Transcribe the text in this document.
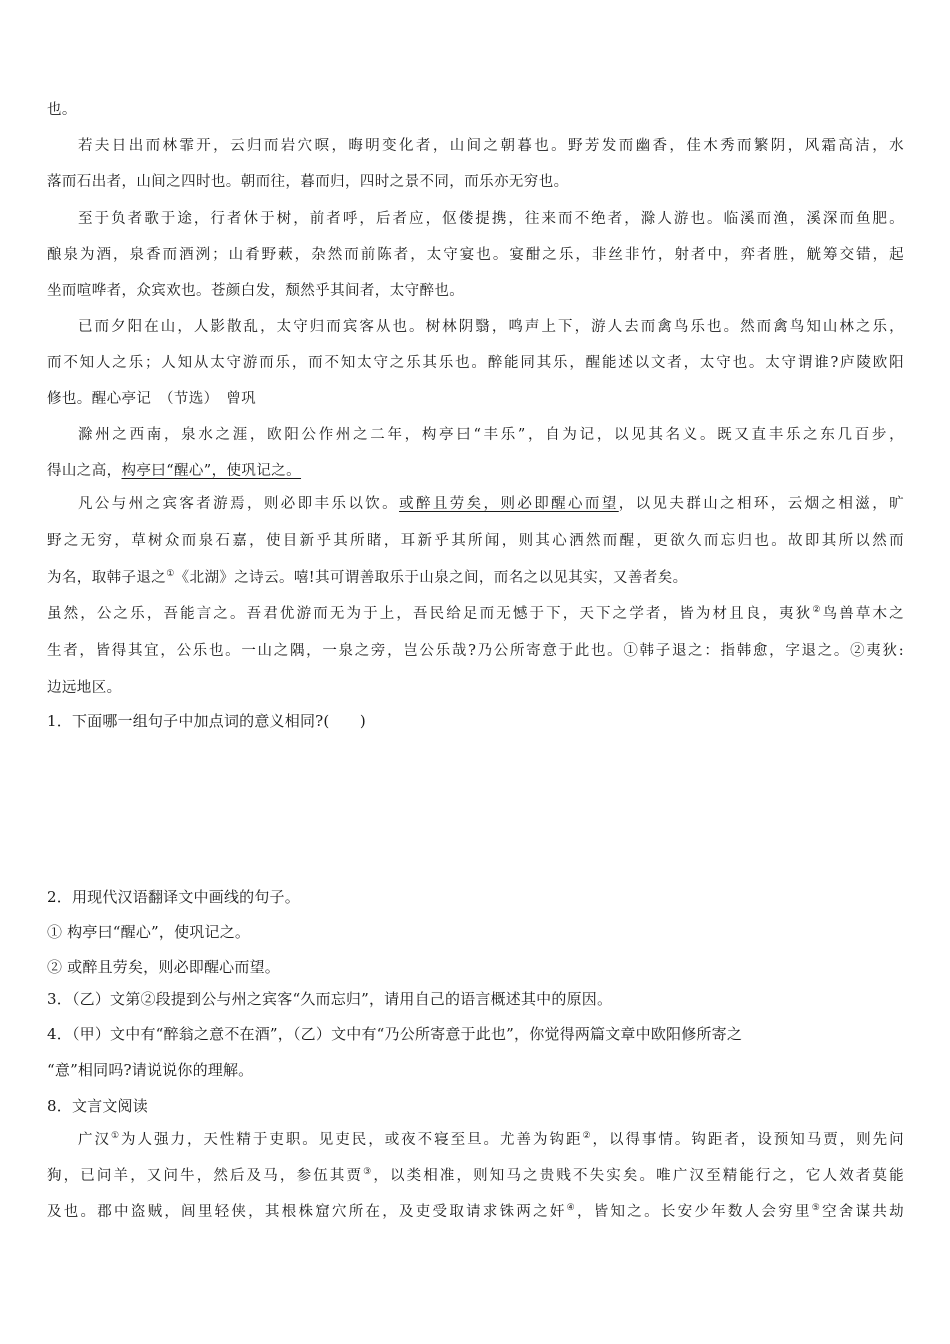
也。
若夫日出而林霏开，云归而岩穴暝，晦明变化者，山间之朝暮也。野芳发而幽香，佳木秀而繁阴，风霜高洁，水
落而石出者，山间之四时也。朝而往，暮而归，四时之景不同，而乐亦无穷也。
至于负者歌于途，行者休于树，前者呼，后者应，伛偻提携，往来而不绝者，滁人游也。临溪而渔，溪深而鱼肥。
酿泉为酒，泉香而酒洌；山肴野蔌，杂然而前陈者，太守宴也。宴酣之乐，非丝非竹，射者中，弈者胜，觥筹交错，起
坐而喧哗者，众宾欢也。苍颜白发，颓然乎其间者，太守醉也。
已而夕阳在山，人影散乱，太守归而宾客从也。树林阴翳，鸣声上下，游人去而禽鸟乐也。然而禽鸟知山林之乐，
而不知人之乐；人知从太守游而乐，而不知太守之乐其乐也。醉能同其乐，醒能述以文者，太守也。太守谓谁?庐陵欧阳
修也。醒心亭记　（节选）　曾巩
滁州之西南，泉水之涯，欧阳公作州之二年，构亭曰“丰乐”，自为记，以见其名义。既又直丰乐之东几百步，
得山之高，构亭曰“醒心”，使巩记之。
凡公与州之宾客者游焉，则必即丰乐以饮。或醉且劳矣，则必即醒心而望，以见夫群山之相环，云烟之相滋，旷
野之无穷，草树众而泉石嘉，使目新乎其所睹，耳新乎其所闻，则其心洒然而醒，更欲久而忘归也。故即其所以然而
为名，取韩子退之①《北湖》之诗云。嘻!其可谓善取乐于山泉之间，而名之以见其实，又善者矣。
虽然，公之乐，吾能言之。吾君优游而无为于上，吾民给足而无憾于下，天下之学者，皆为材且良，夷狄②鸟兽草木之
生者，皆得其宜，公乐也。一山之隅，一泉之旁，岂公乐哉?乃公所寄意于此也。①韩子退之：指韩愈，字退之。②夷狄:
边远地区。
1．下面哪一组句子中加点词的意义相同?(　　)
2．用现代汉语翻译文中画线的句子。
① 构亭曰“醒心”，使巩记之。
② 或醉且劳矣，则必即醒心而望。
3．（乙）文第②段提到公与州之宾客“久而忘归”，请用自己的语言概述其中的原因。
4．（甲）文中有“醉翁之意不在酒”，（乙）文中有“乃公所寄意于此也”，你觉得两篇文章中欧阳修所寄之
“意”相同吗?请说说你的理解。
8．文言文阅读
广汉①为人强力，天性精于吏职。见吏民，或夜不寝至旦。尤善为钩距②，以得事情。钩距者，设预知马贾，则先问
狗，已问羊，又问牛，然后及马，参伍其贾③，以类相准，则知马之贵贱不失实矣。唯广汉至精能行之，它人效者莫能
及也。郡中盗贼，闾里轻侠，其根株窟穴所在，及吏受取请求铢两之奸④，皆知之。长安少年数人会穷里⑤空舍谋共劫
